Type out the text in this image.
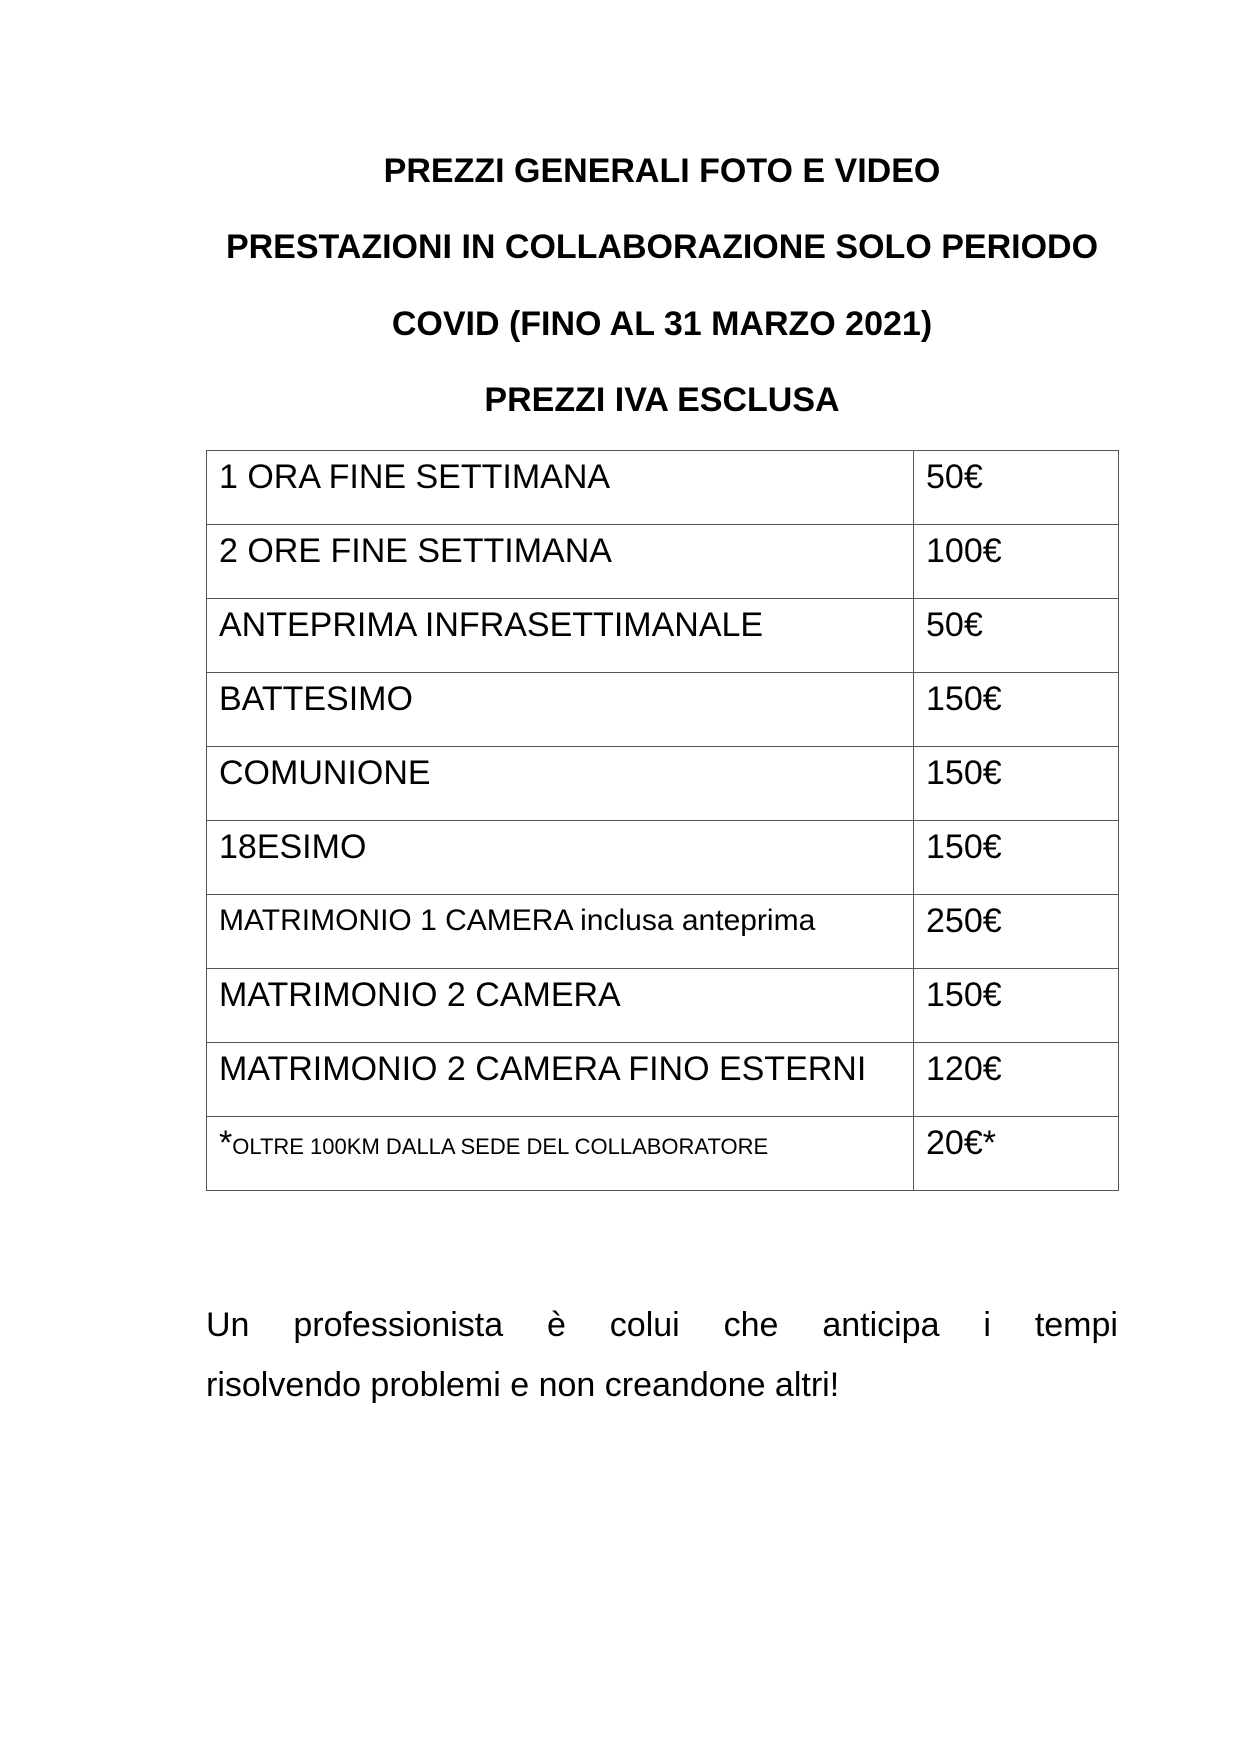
PREZZI GENERALI FOTO E VIDEO
PRESTAZIONI IN COLLABORAZIONE SOLO PERIODO
COVID (FINO AL 31 MARZO 2021)
PREZZI IVA ESCLUSA
1 ORA FINE SETTIMANA	50€
2 ORE FINE SETTIMANA	100€
ANTEPRIMA INFRASETTIMANALE	50€
BATTESIMO	150€
COMUNIONE	150€
18ESIMO	150€
MATRIMONIO 1 CAMERA inclusa anteprima	250€
MATRIMONIO 2 CAMERA	150€
MATRIMONIO 2 CAMERA FINO ESTERNI	120€
*OLTRE 100KM DALLA SEDE DEL COLLABORATORE	20€*
Un professionista è colui che anticipa i tempi
risolvendo problemi e non creandone altri!
